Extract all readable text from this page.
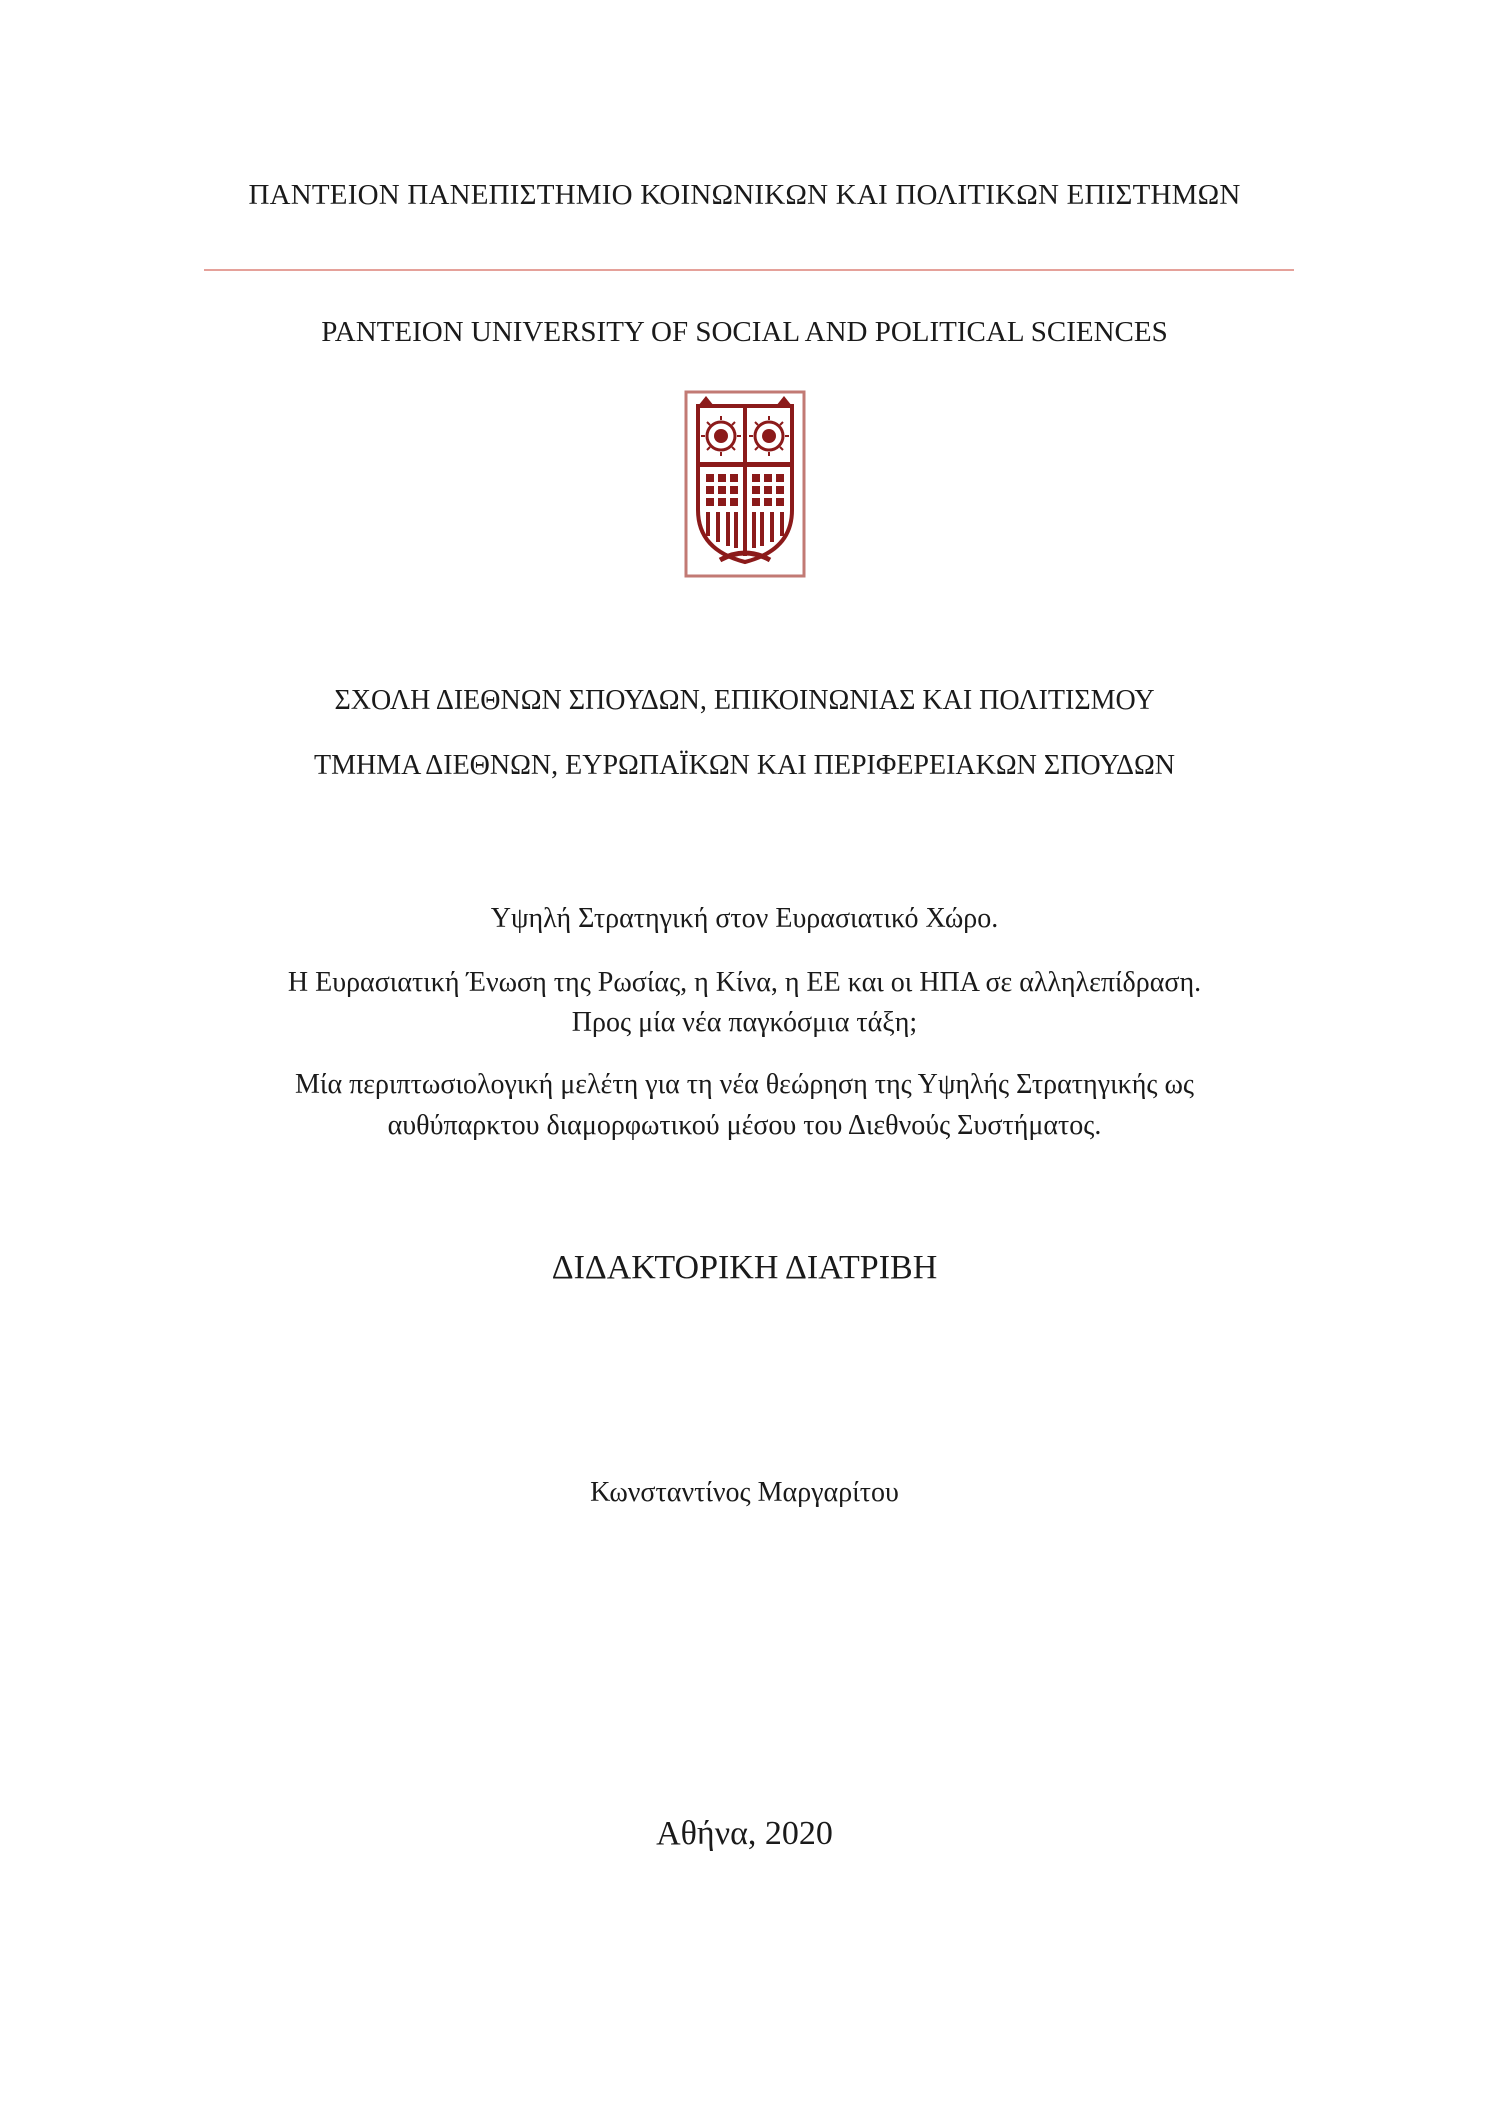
ΠΑΝΤΕΙΟΝ ΠΑΝΕΠΙΣΤΗΜΙΟ ΚΟΙΝΩΝΙΚΩΝ ΚΑΙ ΠΟΛΙΤΙΚΩΝ ΕΠΙΣΤΗΜΩΝ
PANTEION UNIVERSITY OF SOCIAL AND POLITICAL SCIENCES
ΣΧΟΛΗ ΔΙΕΘΝΩΝ ΣΠΟΥΔΩΝ, ΕΠΙΚΟΙΝΩΝΙΑΣ ΚΑΙ ΠΟΛΙΤΙΣΜΟΥ
ΤΜΗΜΑ ΔΙΕΘΝΩΝ, ΕΥΡΩΠΑΪΚΩΝ ΚΑΙ ΠΕΡΙΦΕΡΕΙΑΚΩΝ ΣΠΟΥΔΩΝ
Υψηλή Στρατηγική στον Ευρασιατικό Χώρο.
Η Ευρασιατική Ένωση της Ρωσίας, η Κίνα, η ΕΕ και οι ΗΠΑ σε αλληλεπίδραση.
Προς μία νέα παγκόσμια τάξη;
Μία περιπτωσιολογική μελέτη για τη νέα θεώρηση της Υψηλής Στρατηγικής ως
αυθύπαρκτου διαμορφωτικού μέσου του Διεθνούς Συστήματος.
ΔΙΔΑΚΤΟΡΙΚΗ ΔΙΑΤΡΙΒΗ
Κωνσταντίνος Μαργαρίτου
Αθήνα, 2020
